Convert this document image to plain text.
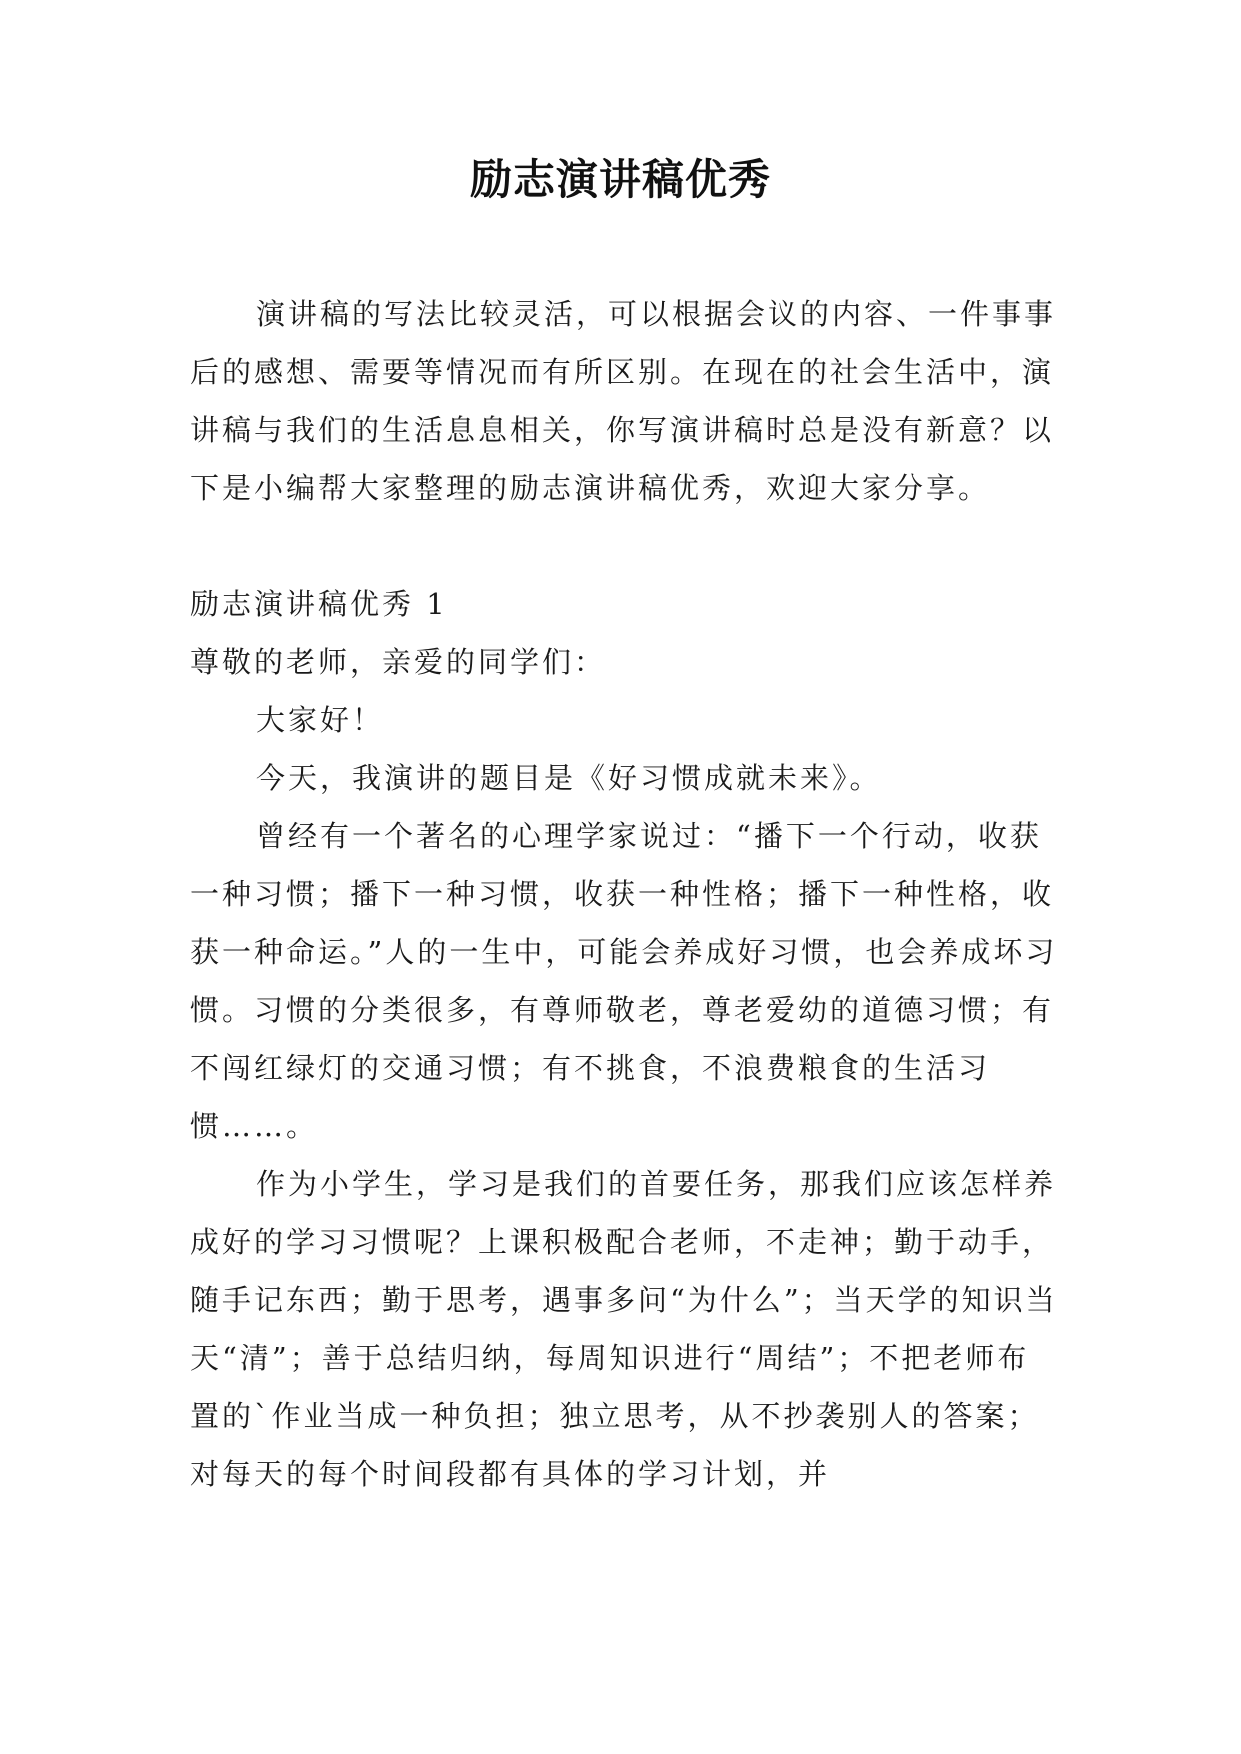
励志演讲稿优秀

演讲稿的写法比较灵活，可以根据会议的内容、一件事事后的感想、需要等情况而有所区别。在现在的社会生活中，演讲稿与我们的生活息息相关，你写演讲稿时总是没有新意？以下是小编帮大家整理的励志演讲稿优秀，欢迎大家分享。

励志演讲稿优秀 1

尊敬的老师，亲爱的同学们：

大家好！

今天，我演讲的题目是《好习惯成就未来》。

曾经有一个著名的心理学家说过：“播下一个行动，收获一种习惯；播下一种习惯，收获一种性格；播下一种性格，收获一种命运。”人的一生中，可能会养成好习惯，也会养成坏习惯。习惯的分类很多，有尊师敬老，尊老爱幼的道德习惯；有不闯红绿灯的交通习惯；有不挑食，不浪费粮食的生活习惯……。

作为小学生，学习是我们的首要任务，那我们应该怎样养成好的学习习惯呢？上课积极配合老师，不走神；勤于动手，随手记东西；勤于思考，遇事多问“为什么”；当天学的知识当天“清”；善于总结归纳，每周知识进行“周结”；不把老师布置的`作业当成一种负担；独立思考，从不抄袭别人的答案；对每天的每个时间段都有具体的学习计划，并
